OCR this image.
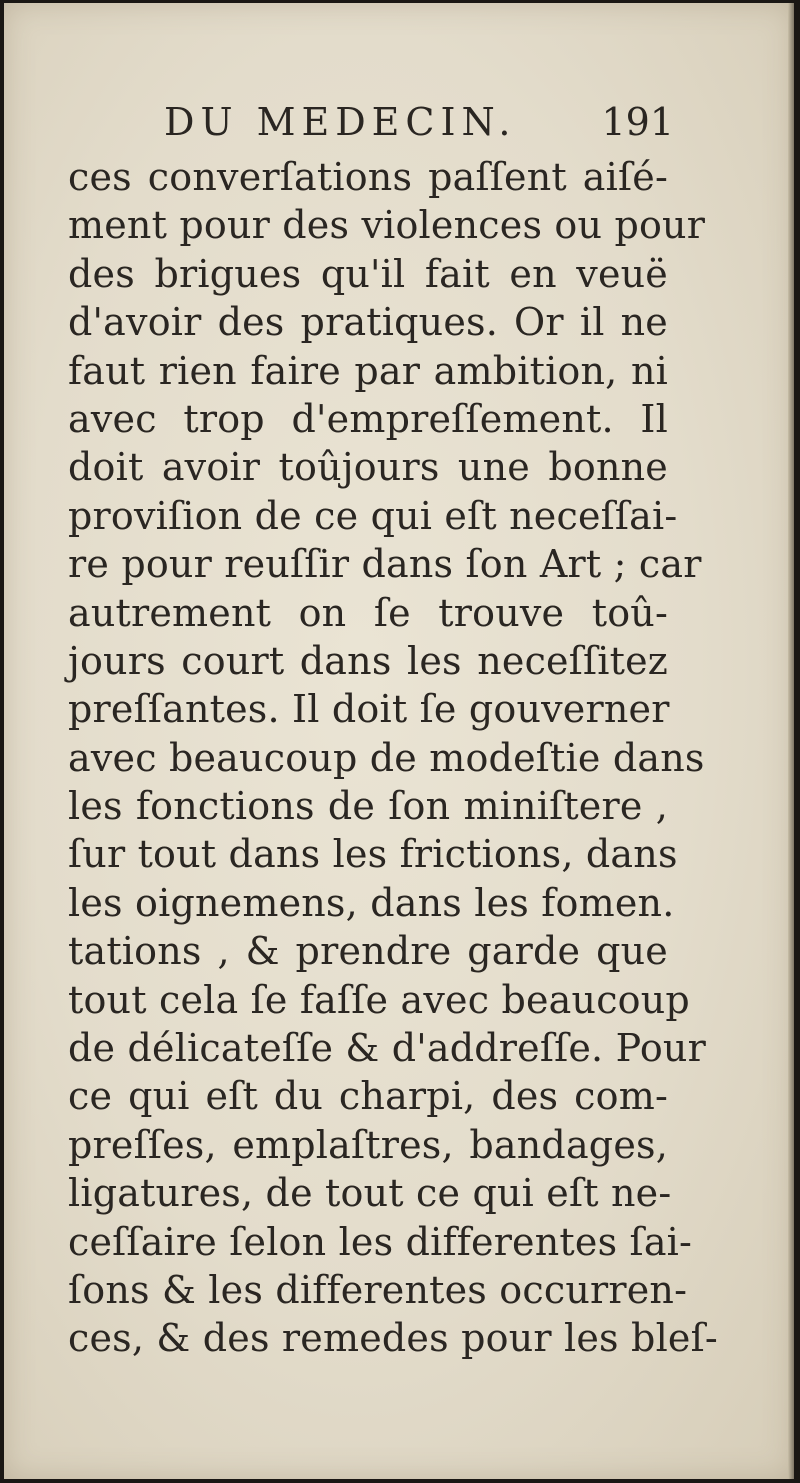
DU MEDECIN. 191
ces converſations paſſent aiſé-
ment pour des violences ou pour
des brigues qu'il fait en veuë
d'avoir des pratiques. Or il ne
faut rien faire par ambition, ni
avec trop d'empreſſement. Il
doit avoir toûjours une bonne
proviſion de ce qui eſt neceſſai-
re pour reuſſir dans ſon Art ; car
autrement on ſe trouve toû-
jours court dans les neceſſitez
preſſantes. Il doit ſe gouverner
avec beaucoup de modeſtie dans
les fonctions de ſon miniſtere ,
ſur tout dans les frictions, dans
les oignemens, dans les fomen.
tations , & prendre garde que
tout cela ſe faſſe avec beaucoup
de délicateſſe & d'addreſſe. Pour
ce qui eſt du charpi, des com-
preſſes, emplaſtres, bandages,
ligatures, de tout ce qui eſt ne-
ceſſaire ſelon les differentes ſai-
ſons & les differentes occurren-
ces, & des remedes pour les bleſ-
